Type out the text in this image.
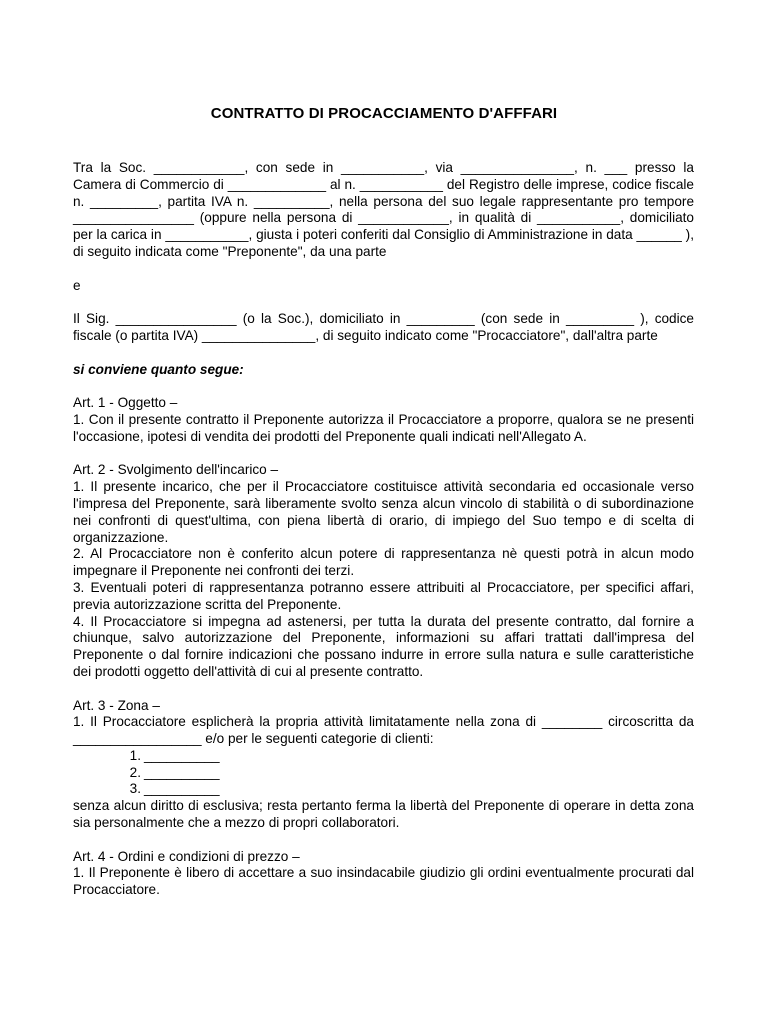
CONTRATTO DI PROCACCIAMENTO D'AFFFARI

Tra la Soc. ____________, con sede in ___________, via _______________, n. ___ presso la Camera di Commercio di _____________ al n. ___________ del Registro delle imprese, codice fiscale n. _________, partita IVA n. __________, nella persona del suo legale rappresentante pro tempore ________________ (oppure nella persona di ____________, in qualità di ___________, domiciliato per la carica in ___________, giusta i poteri conferiti dal Consiglio di Amministrazione in data ______ ), di seguito indicata come "Preponente", da una parte

e

Il Sig. ________________ (o la Soc.), domiciliato in _________ (con sede in _________ ), codice fiscale (o partita IVA) _______________, di seguito indicato come "Procacciatore", dall'altra parte

si conviene quanto segue:

Art. 1 - Oggetto –

1. Con il presente contratto il Preponente autorizza il Procacciatore a proporre, qualora se ne presenti l'occasione, ipotesi di vendita dei prodotti del Preponente quali indicati nell'Allegato A.

Art. 2 - Svolgimento dell'incarico –

1. Il presente incarico, che per il Procacciatore costituisce attività secondaria ed occasionale verso l'impresa del Preponente, sarà liberamente svolto senza alcun vincolo di stabilità o di subordinazione nei confronti di quest'ultima, con piena libertà di orario, di impiego del Suo tempo e di scelta di organizzazione.

2. Al Procacciatore non è conferito alcun potere di rappresentanza nè questi potrà in alcun modo impegnare il Preponente nei confronti dei terzi.

3. Eventuali poteri di rappresentanza potranno essere attribuiti al Procacciatore, per specifici affari, previa autorizzazione scritta del Preponente.

4. Il Procacciatore si impegna ad astenersi, per tutta la durata del presente contratto, dal fornire a chiunque, salvo autorizzazione del Preponente, informazioni su affari trattati dall'impresa del Preponente o dal fornire indicazioni che possano indurre in errore sulla natura e sulle caratteristiche dei prodotti oggetto dell'attività di cui al presente contratto.

Art. 3 - Zona –

1. Il Procacciatore esplicherà la propria attività limitatamente nella zona di ________ circoscritta da _________________ e/o per le seguenti categorie di clienti:

1. __________
2. __________
3. __________

senza alcun diritto di esclusiva; resta pertanto ferma la libertà del Preponente di operare in detta zona sia personalmente che a mezzo di propri collaboratori.

Art. 4 - Ordini e condizioni di prezzo –

1. Il Preponente è libero di accettare a suo insindacabile giudizio gli ordini eventualmente procurati dal Procacciatore.
